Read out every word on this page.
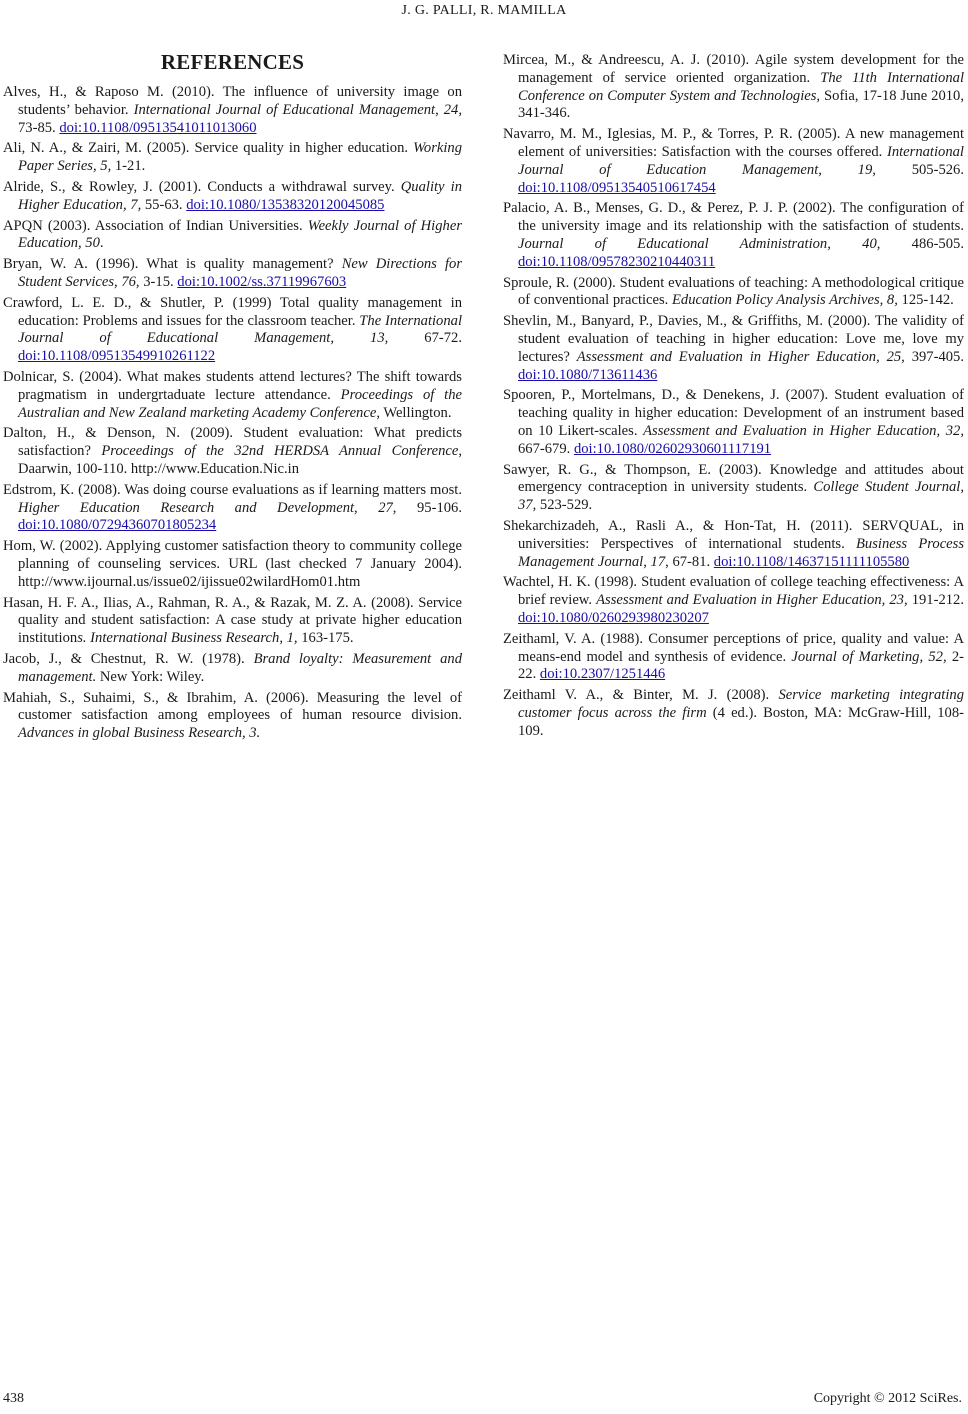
J. G. PALLI, R. MAMILLA
REFERENCES

Alves, H., & Raposo M. (2010). The influence of university image on students’ behavior. International Journal of Educational Management, 24, 73-85. doi:10.1108/09513541011013060

Ali, N. A., & Zairi, M. (2005). Service quality in higher education. Working Paper Series, 5, 1-21.

Alride, S., & Rowley, J. (2001). Conducts a withdrawal survey. Quality in Higher Education, 7, 55-63. doi:10.1080/13538320120045085

APQN (2003). Association of Indian Universities. Weekly Journal of Higher Education, 50.

Bryan, W. A. (1996). What is quality management? New Directions for Student Services, 76, 3-15. doi:10.1002/ss.37119967603

Crawford, L. E. D., & Shutler, P. (1999) Total quality management in education: Problems and issues for the classroom teacher. The International Journal of Educational Management, 13, 67-72. doi:10.1108/09513549910261122

Dolnicar, S. (2004). What makes students attend lectures? The shift towards pragmatism in undergrtaduate lecture attendance. Proceedings of the Australian and New Zealand marketing Academy Conference, Wellington.

Dalton, H., & Denson, N. (2009). Student evaluation: What predicts satisfaction? Proceedings of the 32nd HERDSA Annual Conference, Daarwin, 100-110. http://www.Education.Nic.in

Edstrom, K. (2008). Was doing course evaluations as if learning matters most. Higher Education Research and Development, 27, 95-106. doi:10.1080/07294360701805234

Hom, W. (2002). Applying customer satisfaction theory to community college planning of counseling services. URL (last checked 7 January 2004). http://www.ijournal.us/issue02/ijissue02wilardHom01.htm

Hasan, H. F. A., Ilias, A., Rahman, R. A., & Razak, M. Z. A. (2008). Service quality and student satisfaction: A case study at private higher education institutions. International Business Research, 1, 163-175.

Jacob, J., & Chestnut, R. W. (1978). Brand loyalty: Measurement and management. New York: Wiley.

Mahiah, S., Suhaimi, S., & Ibrahim, A. (2006). Measuring the level of customer satisfaction among employees of human resource division. Advances in global Business Research, 3.

Mircea, M., & Andreescu, A. J. (2010). Agile system development for the management of service oriented organization. The 11th International Conference on Computer System and Technologies, Sofia, 17-18 June 2010, 341-346.

Navarro, M. M., Iglesias, M. P., & Torres, P. R. (2005). A new management element of universities: Satisfaction with the courses offered. International Journal of Education Management, 19, 505-526. doi:10.1108/09513540510617454

Palacio, A. B., Menses, G. D., & Perez, P. J. P. (2002). The configuration of the university image and its relationship with the satisfaction of students. Journal of Educational Administration, 40, 486-505. doi:10.1108/09578230210440311

Sproule, R. (2000). Student evaluations of teaching: A methodological critique of conventional practices. Education Policy Analysis Archives, 8, 125-142.

Shevlin, M., Banyard, P., Davies, M., & Griffiths, M. (2000). The validity of student evaluation of teaching in higher education: Love me, love my lectures? Assessment and Evaluation in Higher Education, 25, 397-405. doi:10.1080/713611436

Spooren, P., Mortelmans, D., & Denekens, J. (2007). Student evaluation of teaching quality in higher education: Development of an instrument based on 10 Likert-scales. Assessment and Evaluation in Higher Education, 32, 667-679. doi:10.1080/02602930601117191

Sawyer, R. G., & Thompson, E. (2003). Knowledge and attitudes about emergency contraception in university students. College Student Journal, 37, 523-529.

Shekarchizadeh, A., Rasli A., & Hon-Tat, H. (2011). SERVQUAL, in universities: Perspectives of international students. Business Process Management Journal, 17, 67-81. doi:10.1108/14637151111105580

Wachtel, H. K. (1998). Student evaluation of college teaching effectiveness: A brief review. Assessment and Evaluation in Higher Education, 23, 191-212. doi:10.1080/0260293980230207

Zeithaml, V. A. (1988). Consumer perceptions of price, quality and value: A means-end model and synthesis of evidence. Journal of Marketing, 52, 2-22. doi:10.2307/1251446

Zeithaml V. A., & Binter, M. J. (2008). Service marketing integrating customer focus across the firm (4 ed.). Boston, MA: McGraw-Hill, 108-109.

438	Copyright © 2012 SciRes.
